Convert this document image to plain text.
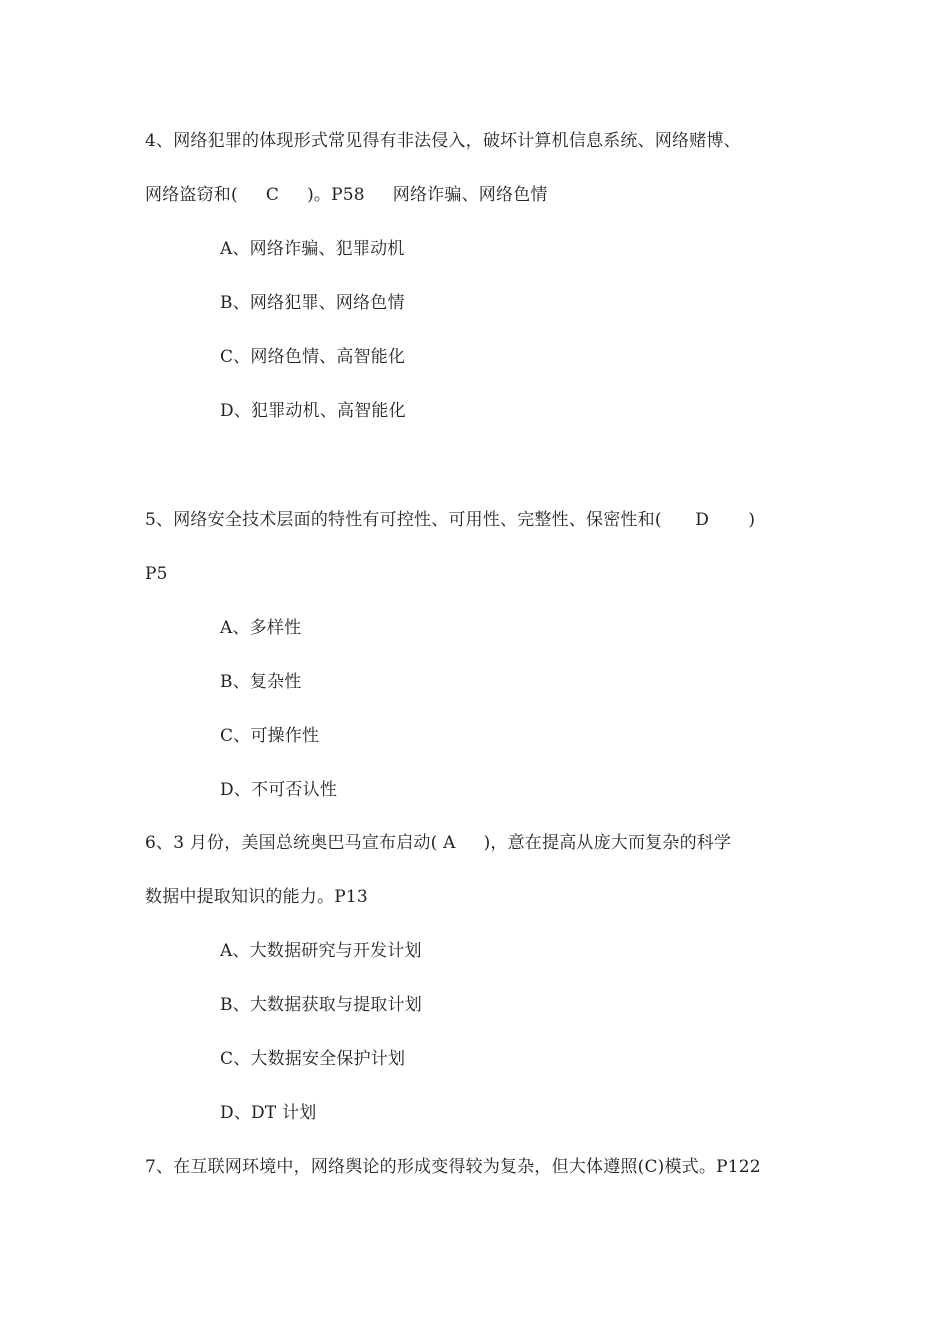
4、网络犯罪的体现形式常见得有非法侵入，破坏计算机信息系统、网络赌博、
网络盗窃和(     C     )。P58     网络诈骗、网络色情
A、网络诈骗、犯罪动机
B、网络犯罪、网络色情
C、网络色情、高智能化
D、犯罪动机、高智能化
5、网络安全技术层面的特性有可控性、可用性、完整性、保密性和(      D       )
P5
A、多样性
B、复杂性
C、可操作性
D、不可否认性
6、3 月份，美国总统奥巴马宣布启动( A     )，意在提高从庞大而复杂的科学
数据中提取知识的能力。P13
A、大数据研究与开发计划
B、大数据获取与提取计划
C、大数据安全保护计划
D、DT 计划
7、在互联网环境中，网络舆论的形成变得较为复杂，但大体遵照(C)模式。P122
